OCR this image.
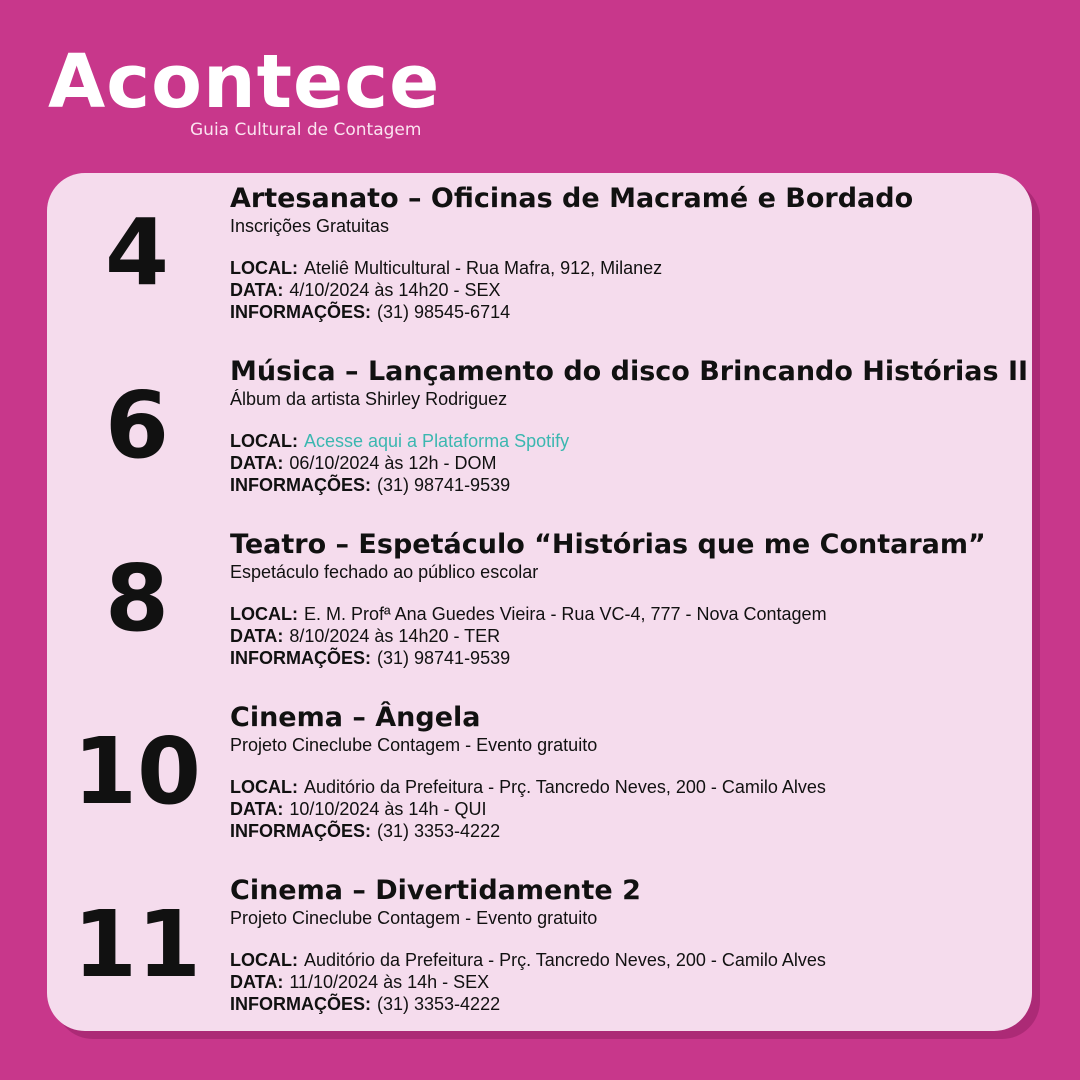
Acontece
Guia Cultural de Contagem
4

Artesanato – Oficinas de Macramé e Bordado

Inscrições Gratuitas

LOCAL: Ateliê Multicultural - Rua Mafra, 912, Milanez

DATA: 4/10/2024 às 14h20 - SEX

INFORMAÇÕES: (31) 98545-6714

6

Música – Lançamento do disco Brincando Histórias II

Álbum da artista Shirley Rodriguez

LOCAL: Acesse aqui a Plataforma Spotify

DATA: 06/10/2024 às 12h - DOM

INFORMAÇÕES: (31) 98741-9539

8

Teatro – Espetáculo “Histórias que me Contaram”

Espetáculo fechado ao público escolar

LOCAL: E. M. Profª Ana Guedes Vieira - Rua VC-4, 777 - Nova Contagem

DATA: 8/10/2024 às 14h20 - TER

INFORMAÇÕES: (31) 98741-9539

10

Cinema – Ângela

Projeto Cineclube Contagem - Evento gratuito

LOCAL: Auditório da Prefeitura - Prç. Tancredo Neves, 200 - Camilo Alves

DATA: 10/10/2024 às 14h - QUI

INFORMAÇÕES: (31) 3353-4222

11

Cinema – Divertidamente 2

Projeto Cineclube Contagem - Evento gratuito

LOCAL: Auditório da Prefeitura - Prç. Tancredo Neves, 200 - Camilo Alves

DATA: 11/10/2024 às 14h - SEX

INFORMAÇÕES: (31) 3353-4222
